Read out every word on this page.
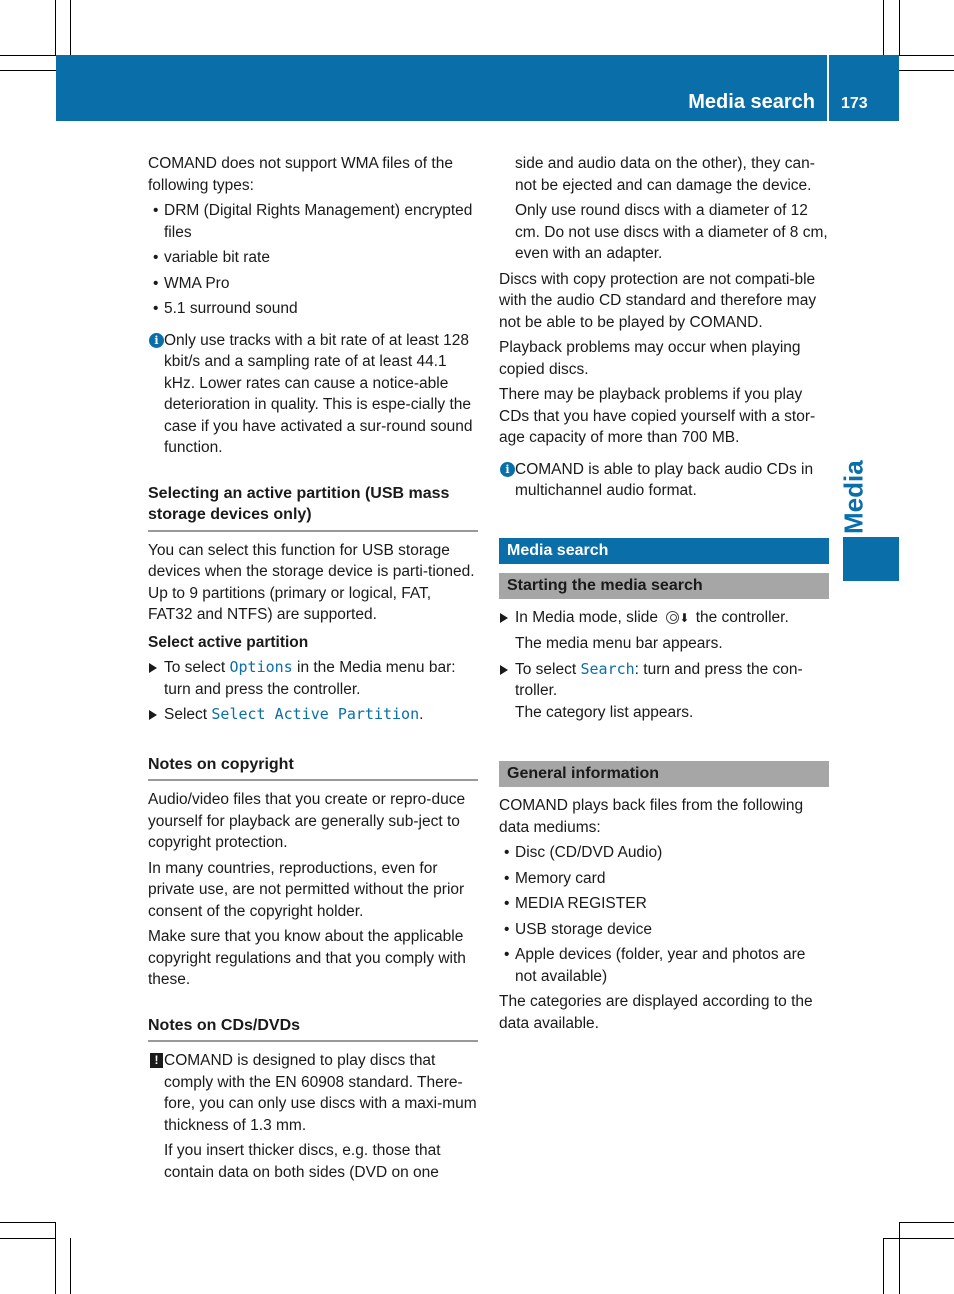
Media search 173
Media

COMAND does not support WMA files of the following types:

• DRM (Digital Rights Management) encrypted files
• variable bit rate
• WMA Pro
• 5.1 surround sound
i Only use tracks with a bit rate of at least 128 kbit/s and a sampling rate of at least 44.1 kHz. Lower rates can cause a notice-able deterioration in quality. This is espe-cially the case if you have activated a sur-round sound function.
Selecting an active partition (USB mass storage devices only)

You can select this function for USB storage devices when the storage device is parti-tioned. Up to 9 partitions (primary or logical, FAT, FAT32 and NTFS) are supported.

Select active partition
To select Options in the Media menu bar: turn and press the controller.
Select Select Active Partition.
Notes on copyright

Audio/video files that you create or repro-duce yourself for playback are generally sub-ject to copyright protection.

In many countries, reproductions, even for private use, are not permitted without the prior consent of the copyright holder.

Make sure that you know about the applicable copyright regulations and that you comply with these.

Notes on CDs/DVDs
! COMAND is designed to play discs that comply with the EN 60908 standard. There-fore, you can only use discs with a maxi-mum thickness of 1.3 mm.

If you insert thicker discs, e.g. those that contain data on both sides (DVD on one

side and audio data on the other), they can-not be ejected and can damage the device.

Only use round discs with a diameter of 12 cm. Do not use discs with a diameter of 8 cm, even with an adapter.

Discs with copy protection are not compati-ble with the audio CD standard and therefore may not be able to be played by COMAND.

Playback problems may occur when playing copied discs.

There may be playback problems if you play CDs that you have copied yourself with a stor-age capacity of more than 700 MB.

i COMAND is able to play back audio CDs in multichannel audio format.
Media search
Starting the media search
In Media mode, slide ⬇ the controller.

The media menu bar appears.

To select Search: turn and press the con-troller.

The category list appears.

General information

COMAND plays back files from the following data mediums:

• Disc (CD/DVD Audio)
• Memory card
• MEDIA REGISTER
• USB storage device
• Apple devices (folder, year and photos are not available)

The categories are displayed according to the data available.
